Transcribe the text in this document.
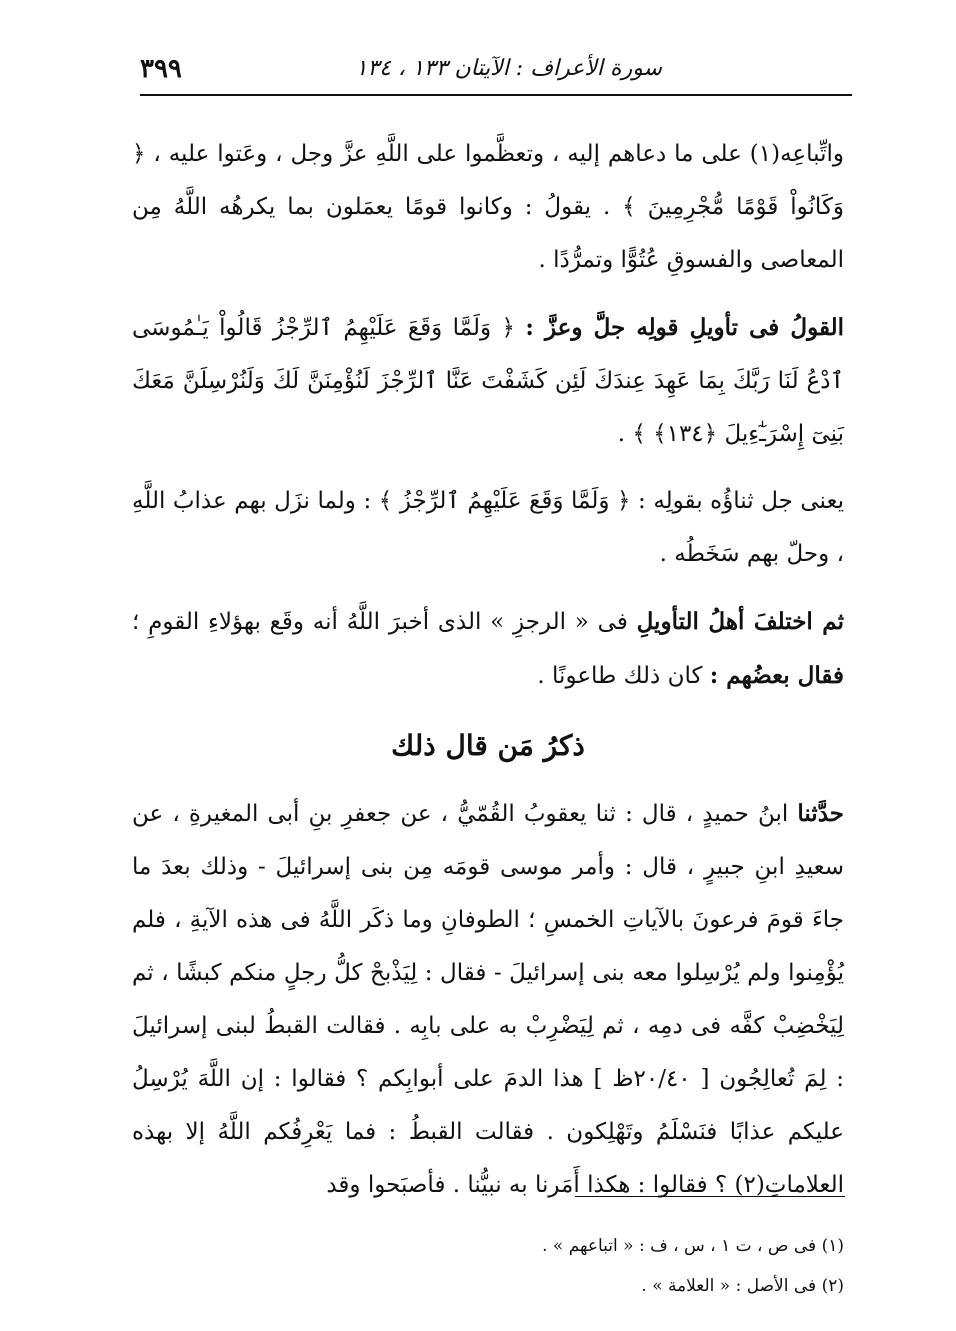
٣٩٩	سورة الأعراف : الآيتان ١٣٣ ، ١٣٤

واتِّباعِه(١) على ما دعاهم إليه ، وتعظَّموا على اللَّهِ عزَّ وجل ، وعَتوا عليه ، ﴿ وَكَانُواْ قَوْمًا مُّجْرِمِينَ ﴾ . يقولُ : وكانوا قومًا يعمَلون بما يكرهُه اللَّهُ مِن المعاصى والفسوقِ عُتُوًّا وتمرُّدًا .

القولُ فى تأويلِ قولِه جلَّ وعزَّ : ﴿ وَلَمَّا وَقَعَ عَلَيْهِمُ ٱلرِّجْزُ قَالُواْ يَـٰمُوسَى ٱدْعُ لَنَا رَبَّكَ بِمَا عَهِدَ عِندَكَ لَئِن كَشَفْتَ عَنَّا ٱلرِّجْزَ لَنُؤْمِنَنَّ لَكَ وَلَنُرْسِلَنَّ مَعَكَ بَنِىٓ إِسْرَـٰٓءِيلَ ﴿١٣٤﴾ ﴾ .

يعنى جل ثناؤُه بقولِه : ﴿ وَلَمَّا وَقَعَ عَلَيْهِمُ ٱلرِّجْزُ ﴾ : ولما نزَل بهم عذابُ اللَّهِ ، وحلّ بهم سَخَطُه .

ثم اختلفَ أهلُ التأويلِ فى « الرجزِ » الذى أخبرَ اللَّهُ أنه وقَع بهؤلاءِ القومِ ؛ فقال بعضُهم : كان ذلك طاعونًا .

ذكرُ مَن قال ذلك

حدَّثنا ابنُ حميدٍ ، قال : ثنا يعقوبُ القُمّيُّ ، عن جعفرِ بنِ أبى المغيرةِ ، عن سعيدِ ابنِ جبيرٍ ، قال : وأمر موسى قومَه مِن بنى إسرائيلَ - وذلك بعدَ ما جاءَ قومَ فرعونَ بالآياتِ الخمسِ ؛ الطوفانِ وما ذكَر اللَّهُ فى هذه الآيةِ ، فلم يُؤْمِنوا ولم يُرْسِلوا معه بنى إسرائيلَ - فقال : لِيَذْبحْ كلُّ رجلٍ منكم كبشًا ، ثم لِيَخْضِبْ كفَّه فى دمِه ، ثم لِيَضْرِبْ به على بابِه . فقالت القبطُ لبنى إسرائيلَ : لِمَ تُعالِجُون [ ٢٠/٤٠ظ ] هذا الدمَ على أبوابِكم ؟ فقالوا : إن اللَّهَ يُرْسِلُ عليكم عذابًا فنَسْلَمُ وتَهْلِكون . فقالت القبطُ : فما يَعْرِفُكم اللَّهُ إلا بهذه العلاماتِ(٢) ؟ فقالوا : هكذا أَمَرنا به نبيُّنا . فأصبَحوا وقد

(١) فى ص ، ت ١ ، س ، ف : « اتباعهم » .

(٢) فى الأصل : « العلامة » .
